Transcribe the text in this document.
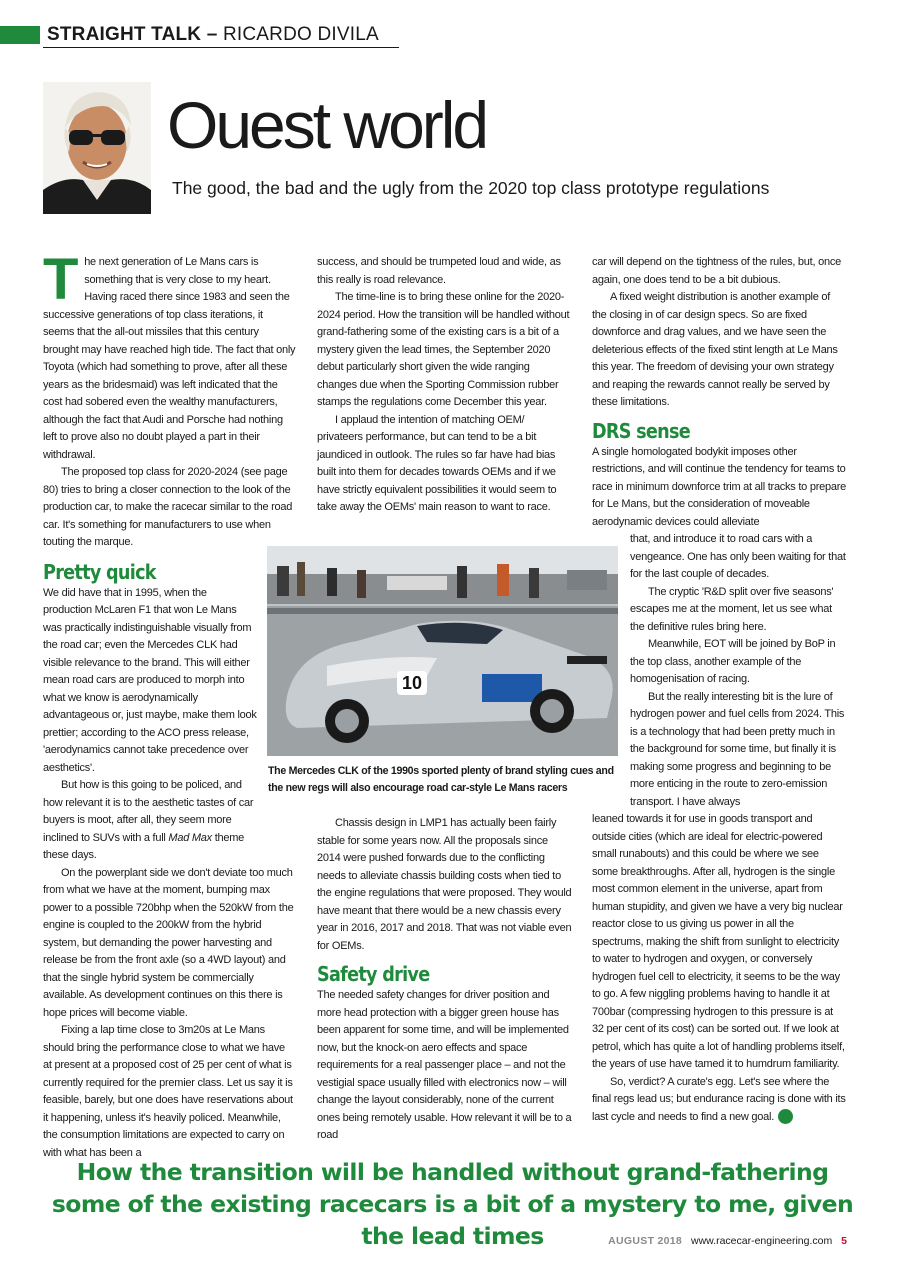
STRAIGHT TALK – RICARDO DIVILA
Ouest world
The good, the bad and the ugly from the 2020 top class prototype regulations

The next generation of Le Mans cars is something that is very close to my heart. Having raced there since 1983 and seen the successive generations of top class iterations, it seems that the all-out missiles that this century brought may have reached high tide. The fact that only Toyota (which had something to prove, after all these years as the bridesmaid) was left indicated that the cost had sobered even the wealthy manufacturers, although the fact that Audi and Porsche had nothing left to prove also no doubt played a part in their withdrawal.

The proposed top class for 2020-2024 (see page 80) tries to bring a closer connection to the look of the production car, to make the racecar similar to the road car. It's something for manufacturers to use when touting the marque.

Pretty quick

We did have that in 1995, when the production McLaren F1 that won Le Mans was practically indistinguishable visually from the road car; even the Mercedes CLK had visible relevance to the brand. This will either mean road cars are produced to morph into what we know is aerodynamically advantageous or, just maybe, make them look prettier; according to the ACO press release, 'aerodynamics cannot take precedence over aesthetics'.

But how is this going to be policed, and how relevant it is to the aesthetic tastes of car buyers is moot, after all, they seem more inclined to SUVs with a full Mad Max theme these days.

On the powerplant side we don't deviate too much from what we have at the moment, bumping max power to a possible 720bhp when the 520kW from the engine is coupled to the 200kW from the hybrid system, but demanding the power harvesting and release be from the front axle (so a 4WD layout) and that the single hybrid system be commercially available. As development continues on this there is hope prices will become viable.

Fixing a lap time close to 3m20s at Le Mans should bring the performance close to what we have at present at a proposed cost of 25 per cent of what is currently required for the premier class. Let us say it is feasible, barely, but one does have reservations about it happening, unless it's heavily policed. Meanwhile, the consumption limitations are expected to carry on with what has been a

success, and should be trumpeted loud and wide, as this really is road relevance.

The time-line is to bring these online for the 2020-2024 period. How the transition will be handled without grand-fathering some of the existing cars is a bit of a mystery given the lead times, the September 2020 debut particularly short given the wide ranging changes due when the Sporting Commission rubber stamps the regulations come December this year.

I applaud the intention of matching OEM/ privateers performance, but can tend to be a bit jaundiced in outlook. The rules so far have had bias built into them for decades towards OEMs and if we have strictly equivalent possibilities it would seem to take away the OEMs' main reason to want to race.

Chassis design in LMP1 has actually been fairly stable for some years now. All the proposals since 2014 were pushed forwards due to the conflicting needs to alleviate chassis building costs when tied to the engine regulations that were proposed. They would have meant that there would be a new chassis every year in 2016, 2017 and 2018. That was not viable even for OEMs.

Safety drive

The needed safety changes for driver position and more head protection with a bigger green house has been apparent for some time, and will be implemented now, but the knock-on aero effects and space requirements for a real passenger place – and not the vestigial space usually filled with electronics now – will change the layout considerably, none of the current ones being remotely usable. How relevant it will be to a road

car will depend on the tightness of the rules, but, once again, one does tend to be a bit dubious.

A fixed weight distribution is another example of the closing in of car design specs. So are fixed downforce and drag values, and we have seen the deleterious effects of the fixed stint length at Le Mans this year. The freedom of devising your own strategy and reaping the rewards cannot really be served by these limitations.

DRS sense

A single homologated bodykit imposes other restrictions, and will continue the tendency for teams to race in minimum downforce trim at all tracks to prepare for Le Mans, but the consideration of moveable aerodynamic devices could alleviate

that, and introduce it to road cars with a vengeance. One has only been waiting for that for the last couple of decades.

The cryptic 'R&D split over five seasons' escapes me at the moment, let us see what the definitive rules bring here.

Meanwhile, EOT will be joined by BoP in the top class, another example of the homogenisation of racing.

But the really interesting bit is the lure of hydrogen power and fuel cells from 2024. This is a technology that had been pretty much in the background for some time, but finally it is making some progress and beginning to be more enticing in the route to zero-emission transport. I have always

leaned towards it for use in goods transport and outside cities (which are ideal for electric-powered small runabouts) and this could be where we see some breakthroughs. After all, hydrogen is the single most common element in the universe, apart from human stupidity, and given we have a very big nuclear reactor close to us giving us power in all the spectrums, making the shift from sunlight to electricity to water to hydrogen and oxygen, or conversely hydrogen fuel cell to electricity, it seems to be the way to go. A few niggling problems having to handle it at 700bar (compressing hydrogen to this pressure is at 32 per cent of its cost) can be sorted out. If we look at petrol, which has quite a lot of handling problems itself, the years of use have tamed it to humdrum familiarity.

So, verdict? A curate's egg. Let's see where the final regs lead us; but endurance racing is done with its last cycle and needs to find a new goal. R

10
The Mercedes CLK of the 1990s sported plenty of brand styling cues and the new regs will also encourage road car-style Le Mans racers
How the transition will be handled without grand-fathering some of the existing racecars is a bit of a mystery to me, given the lead times	AUGUST 2018 www.racecar-engineering.com 5
